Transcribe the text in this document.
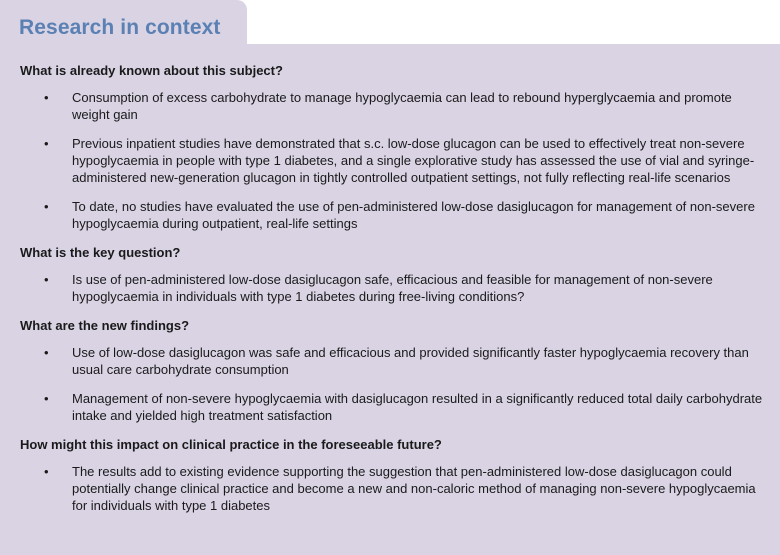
Research in context
What is already known about this subject?
• Consumption of excess carbohydrate to manage hypoglycaemia can lead to rebound hyperglycaemia and promote weight gain
• Previous inpatient studies have demonstrated that s.c. low-dose glucagon can be used to effectively treat non-severe hypoglycaemia in people with type 1 diabetes, and a single explorative study has assessed the use of vial and syringe-administered new-generation glucagon in tightly controlled outpatient settings, not fully reflecting real-life scenarios
• To date, no studies have evaluated the use of pen-administered low-dose dasiglucagon for management of non-severe hypoglycaemia during outpatient, real-life settings
What is the key question?
• Is use of pen-administered low-dose dasiglucagon safe, efficacious and feasible for management of non-severe hypoglycaemia in individuals with type 1 diabetes during free-living conditions?
What are the new findings?
• Use of low-dose dasiglucagon was safe and efficacious and provided significantly faster hypoglycaemia recovery than usual care carbohydrate consumption
• Management of non-severe hypoglycaemia with dasiglucagon resulted in a significantly reduced total daily carbohydrate intake and yielded high treatment satisfaction
How might this impact on clinical practice in the foreseeable future?
• The results add to existing evidence supporting the suggestion that pen-administered low-dose dasiglucagon could potentially change clinical practice and become a new and non-caloric method of managing non-severe hypoglycaemia for individuals with type 1 diabetes
